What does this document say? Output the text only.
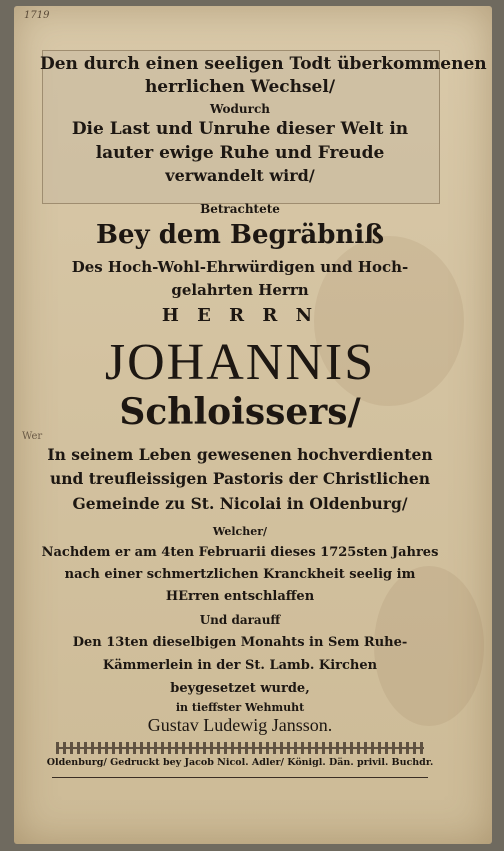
1719
Wer
Den durch einen seeligen Todt überkommenen
herrlichen Wechsel/
Wodurch
Die Last und Unruhe dieser Welt in
lauter ewige Ruhe und Freude
verwandelt wird/
Betrachtete
Bey dem Begräbniß
Des Hoch-Wohl-Ehrwürdigen und Hoch-
gelahrten Herrn
H E R R N
JOHANNIS
Schloissers/
In seinem Leben gewesenen hochverdienten
und treufleissigen Pastoris der Christlichen
Gemeinde zu St. Nicolai in Oldenburg/
Welcher/
Nachdem er am 4ten Februarii dieses 1725sten Jahres
nach einer schmertzlichen Kranckheit seelig im
HErren entschlaffen
Und darauff
Den 13ten dieselbigen Monahts in Sem Ruhe-
Kämmerlein in der St. Lamb. Kirchen
beygesetzet wurde,
in tieffster Wehmuht
Gustav Ludewig Jansson.
Oldenburg/ Gedruckt bey Jacob Nicol. Adler/ Königl. Dän. privil. Buchdr.
